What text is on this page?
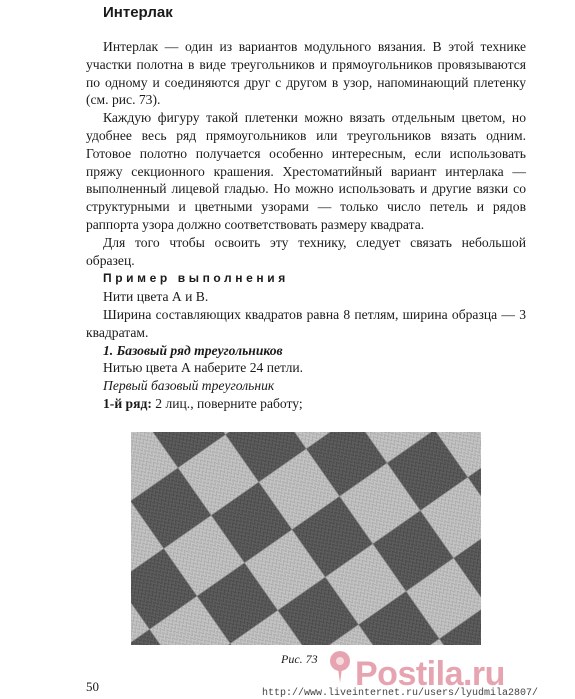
Интерлак

Интерлак — один из вариантов модульного вязания. В этой технике участки полотна в виде треугольников и прямоугольников провязываются по одному и соединяются друг с другом в узор, напоминающий плетенку (см. рис. 73).

Каждую фигуру такой плетенки можно вязать отдельным цветом, но удобнее весь ряд прямоугольников или треугольников вязать одним. Готовое полотно получается особенно интересным, если использовать пряжу секционного крашения. Хрестоматийный вариант интерлака — выполненный лицевой гладью. Но можно использовать и другие вязки со структурными и цветными узорами — только число петель и рядов раппорта узора должно соответствовать размеру квадрата.

Для того чтобы освоить эту технику, следует связать небольшой образец.

Пример выполнения

Нити цвета А и В.

Ширина составляющих квадратов равна 8 петлям, ширина образца — 3 квадратам.

1. Базовый ряд треугольников

Нитью цвета А наберите 24 петли.

Первый базовый треугольник

1-й ряд: 2 лиц., поверните работу;

Рис. 73
50	Postila.ru
http://www.liveinternet.ru/users/lyudmila2807/
